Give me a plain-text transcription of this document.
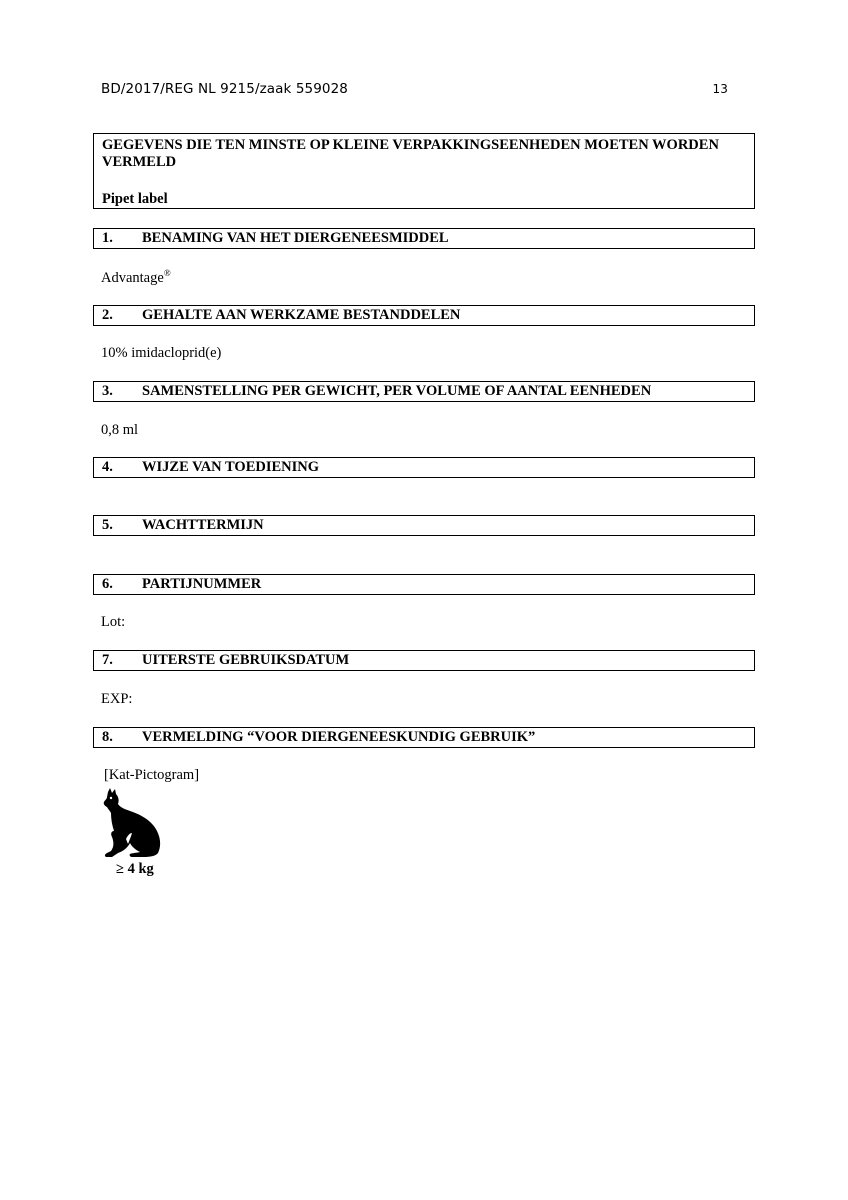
BD/2017/REG NL 9215/zaak 559028	13
GEGEVENS DIE TEN MINSTE OP KLEINE VERPAKKINGSEENHEDEN MOETEN WORDEN VERMELD
Pipet label
1. BENAMING VAN HET DIERGENEESMIDDEL
Advantage®
2. GEHALTE AAN WERKZAME BESTANDDELEN
10% imidacloprid(e)
3. SAMENSTELLING PER GEWICHT, PER VOLUME OF AANTAL EENHEDEN
0,8 ml
4. WIJZE VAN TOEDIENING
5. WACHTTERMIJN
6. PARTIJNUMMER
Lot:
7. UITERSTE GEBRUIKSDATUM
EXP:
8. VERMELDING “VOOR DIERGENEESKUNDIG GEBRUIK”
[Kat-Pictogram]
≥ 4 kg
